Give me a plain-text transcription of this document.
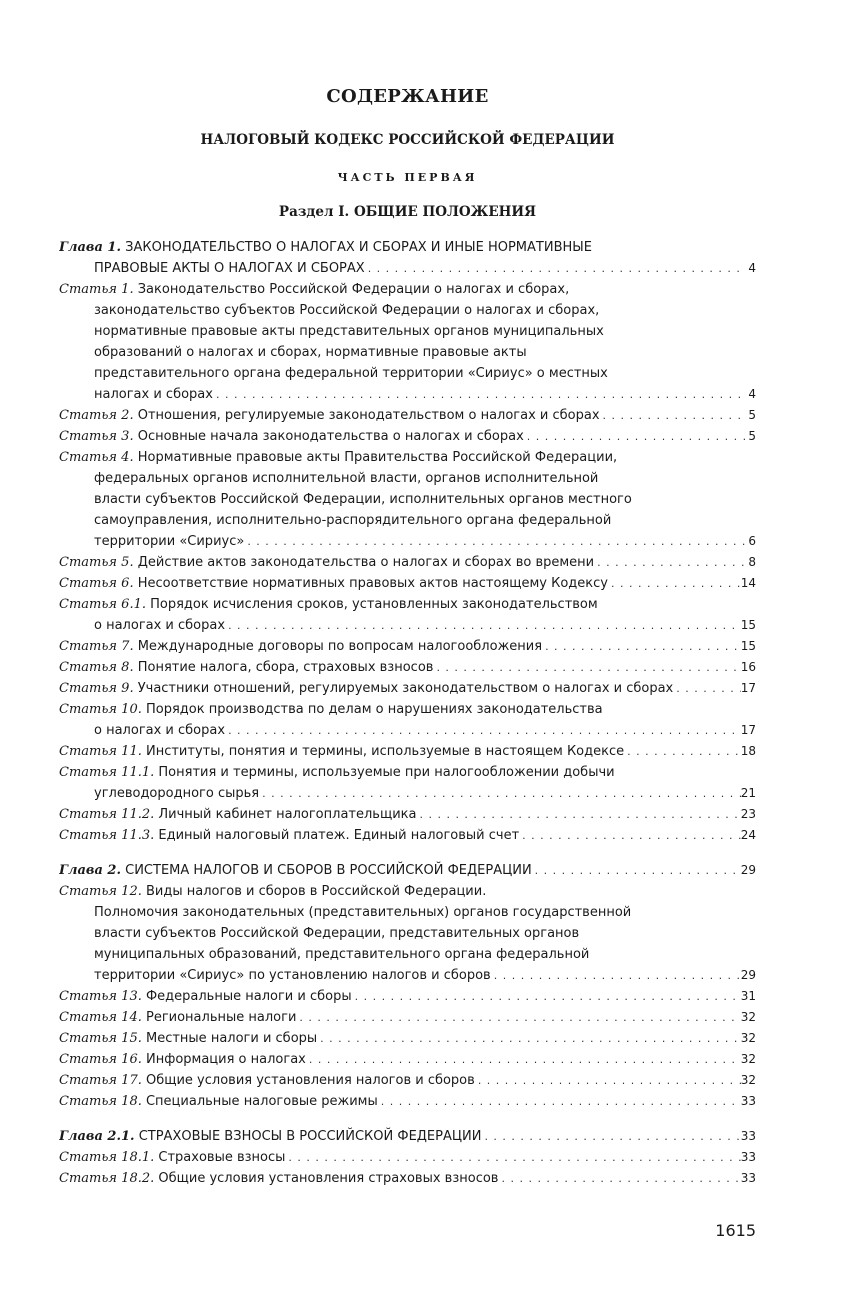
СОДЕРЖАНИЕ
НАЛОГОВЫЙ КОДЕКС РОССИЙСКОЙ ФЕДЕРАЦИИ
ЧАСТЬ ПЕРВАЯ
Раздел I. ОБЩИЕ ПОЛОЖЕНИЯ
Глава 1. ЗАКОНОДАТЕЛЬСТВО О НАЛОГАХ И СБОРАХ И ИНЫЕ НОРМАТИВНЫЕ
ПРАВОВЫЕ АКТЫ О НАЛОГАХ И СБОРАХ . . .	4
Статья 1. Законодательство Российской Федерации о налогах и сборах,
законодательство субъектов Российской Федерации о налогах и сборах,
нормативные правовые акты представительных органов муниципальных
образований о налогах и сборах, нормативные правовые акты
представительного органа федеральной территории «Сириус» о местных
налогах и сборах . . .	4
Статья 2. Отношения, регулируемые законодательством о налогах и сборах . . .	5
Статья 3. Основные начала законодательства о налогах и сборах . . .	5
Статья 4. Нормативные правовые акты Правительства Российской Федерации,
федеральных органов исполнительной власти, органов исполнительной
власти субъектов Российской Федерации, исполнительных органов местного
самоуправления, исполнительно-распорядительного органа федеральной
территории «Сириус» . . .	6
Статья 5. Действие актов законодательства о налогах и сборах во времени . . .	8
Статья 6. Несоответствие нормативных правовых актов настоящему Кодексу . . .	14
Статья 6.1. Порядок исчисления сроков, установленных законодательством
о налогах и сборах . . .	15
Статья 7. Международные договоры по вопросам налогообложения . . .	15
Статья 8. Понятие налога, сбора, страховых взносов . . .	16
Статья 9. Участники отношений, регулируемых законодательством о налогах и сборах . . .	17
Статья 10. Порядок производства по делам о нарушениях законодательства
о налогах и сборах . . .	17
Статья 11. Институты, понятия и термины, используемые в настоящем Кодексе . . .	18
Статья 11.1. Понятия и термины, используемые при налогообложении добычи
углеводородного сырья . . .	21
Статья 11.2. Личный кабинет налогоплательщика . . .	23
Статья 11.3. Единый налоговый платеж. Единый налоговый счет . . .	24
Глава 2. СИСТЕМА НАЛОГОВ И СБОРОВ В РОССИЙСКОЙ ФЕДЕРАЦИИ . . .	29
Статья 12. Виды налогов и сборов в Российской Федерации.
Полномочия законодательных (представительных) органов государственной
власти субъектов Российской Федерации, представительных органов
муниципальных образований, представительного органа федеральной
территории «Сириус» по установлению налогов и сборов . . .	29
Статья 13. Федеральные налоги и сборы . . .	31
Статья 14. Региональные налоги . . .	32
Статья 15. Местные налоги и сборы . . .	32
Статья 16. Информация о налогах . . .	32
Статья 17. Общие условия установления налогов и сборов . . .	32
Статья 18. Специальные налоговые режимы . . .	33
Глава 2.1. СТРАХОВЫЕ ВЗНОСЫ В РОССИЙСКОЙ ФЕДЕРАЦИИ . . .	33
Статья 18.1. Страховые взносы . . .	33
Статья 18.2. Общие условия установления страховых взносов . . .	33
1615
